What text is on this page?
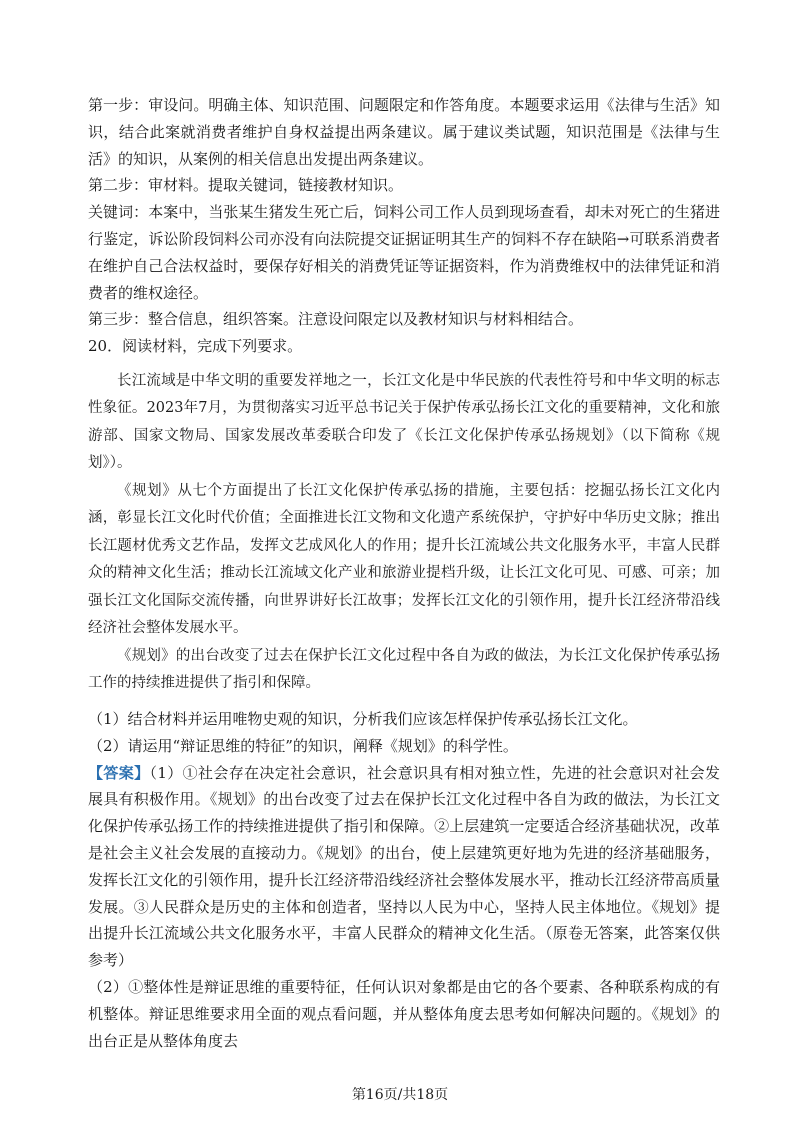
第一步：审设问。明确主体、知识范围、问题限定和作答角度。本题要求运用《法律与生活》知识，结合此案就消费者维护自身权益提出两条建议。属于建议类试题，知识范围是《法律与生活》的知识，从案例的相关信息出发提出两条建议。

第二步：审材料。提取关键词，链接教材知识。

关键词：本案中，当张某生猪发生死亡后，饲料公司工作人员到现场查看，却未对死亡的生猪进行鉴定，诉讼阶段饲料公司亦没有向法院提交证据证明其生产的饲料不存在缺陷→可联系消费者在维护自己合法权益时，要保存好相关的消费凭证等证据资料，作为消费维权中的法律凭证和消费者的维权途径。

第三步：整合信息，组织答案。注意设问限定以及教材知识与材料相结合。

20．阅读材料，完成下列要求。

长江流域是中华文明的重要发祥地之一，长江文化是中华民族的代表性符号和中华文明的标志性象征。2023年7月，为贯彻落实习近平总书记关于保护传承弘扬长江文化的重要精神，文化和旅游部、国家文物局、国家发展改革委联合印发了《长江文化保护传承弘扬规划》（以下简称《规划》）。

《规划》从七个方面提出了长江文化保护传承弘扬的措施，主要包括：挖掘弘扬长江文化内涵，彰显长江文化时代价值；全面推进长江文物和文化遗产系统保护，守护好中华历史文脉；推出长江题材优秀文艺作品，发挥文艺成风化人的作用；提升长江流域公共文化服务水平，丰富人民群众的精神文化生活；推动长江流域文化产业和旅游业提档升级，让长江文化可见、可感、可亲；加强长江文化国际交流传播，向世界讲好长江故事；发挥长江文化的引领作用，提升长江经济带沿线经济社会整体发展水平。

《规划》的出台改变了过去在保护长江文化过程中各自为政的做法，为长江文化保护传承弘扬工作的持续推进提供了指引和保障。

（1）结合材料并运用唯物史观的知识，分析我们应该怎样保护传承弘扬长江文化。

（2）请运用“辩证思维的特征”的知识，阐释《规划》的科学性。

【答案】（1）①社会存在决定社会意识，社会意识具有相对独立性，先进的社会意识对社会发展具有积极作用。《规划》的出台改变了过去在保护长江文化过程中各自为政的做法，为长江文化保护传承弘扬工作的持续推进提供了指引和保障。②上层建筑一定要适合经济基础状况，改革是社会主义社会发展的直接动力。《规划》的出台，使上层建筑更好地为先进的经济基础服务，发挥长江文化的引领作用，提升长江经济带沿线经济社会整体发展水平，推动长江经济带高质量发展。③人民群众是历史的主体和创造者，坚持以人民为中心，坚持人民主体地位。《规划》提出提升长江流域公共文化服务水平，丰富人民群众的精神文化生活。（原卷无答案，此答案仅供参考）

（2）①整体性是辩证思维的重要特征，任何认识对象都是由它的各个要素、各种联系构成的有机整体。辩证思维要求用全面的观点看问题，并从整体角度去思考如何解决问题的。《规划》的出台正是从整体角度去

第16页/共18页
